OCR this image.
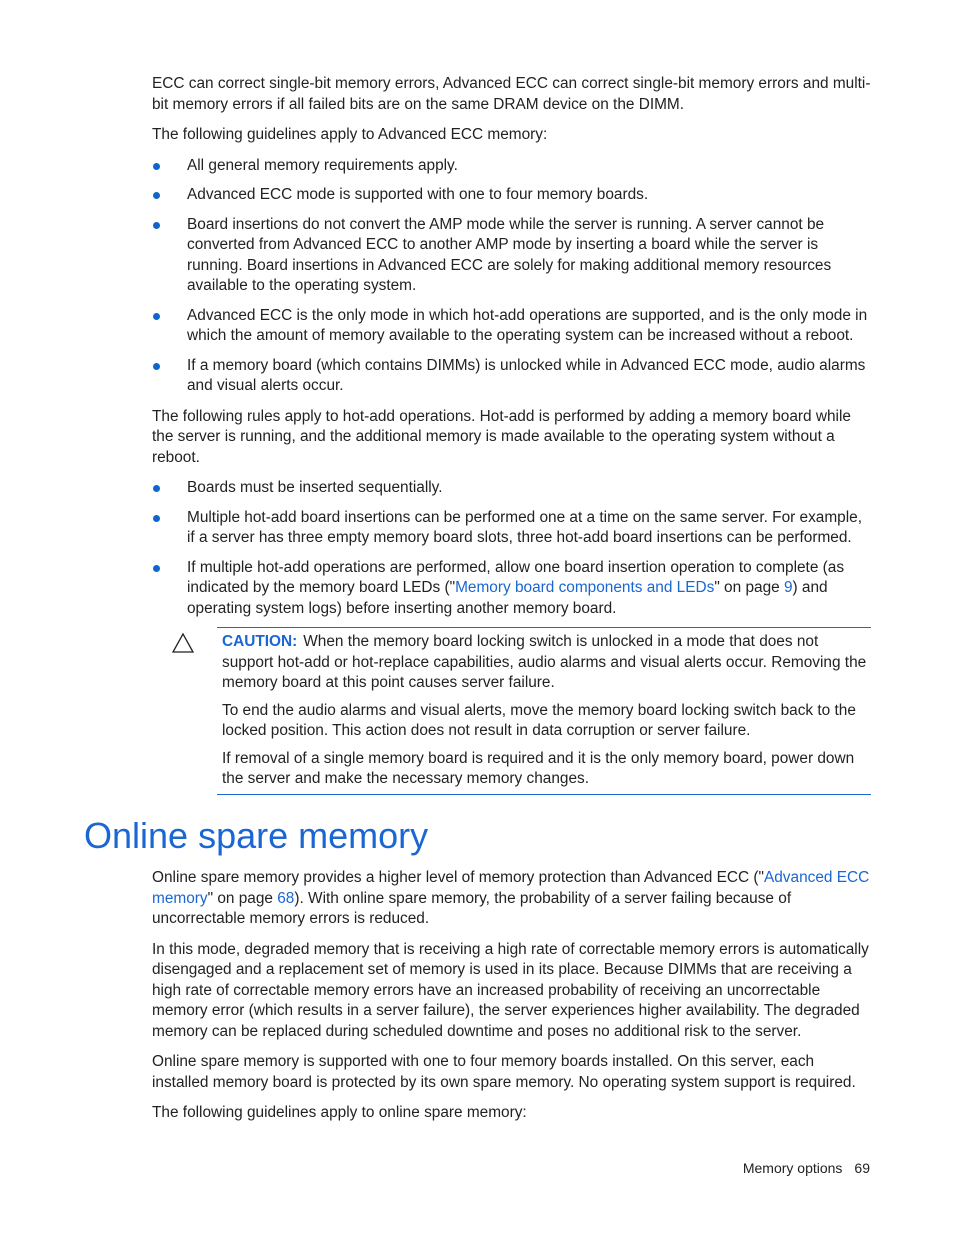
ECC can correct single-bit memory errors, Advanced ECC can correct single-bit memory errors and multi-bit memory errors if all failed bits are on the same DRAM device on the DIMM.

The following guidelines apply to Advanced ECC memory:

All general memory requirements apply.
Advanced ECC mode is supported with one to four memory boards.
Board insertions do not convert the AMP mode while the server is running. A server cannot be converted from Advanced ECC to another AMP mode by inserting a board while the server is running. Board insertions in Advanced ECC are solely for making additional memory resources available to the operating system.
Advanced ECC is the only mode in which hot-add operations are supported, and is the only mode in which the amount of memory available to the operating system can be increased without a reboot.
If a memory board (which contains DIMMs) is unlocked while in Advanced ECC mode, audio alarms and visual alerts occur.

The following rules apply to hot-add operations. Hot-add is performed by adding a memory board while the server is running, and the additional memory is made available to the operating system without a reboot.

Boards must be inserted sequentially.
Multiple hot-add board insertions can be performed one at a time on the same server. For example, if a server has three empty memory board slots, three hot-add board insertions can be performed.
If multiple hot-add operations are performed, allow one board insertion operation to complete (as indicated by the memory board LEDs ("Memory board components and LEDs" on page 9) and operating system logs) before inserting another memory board.

CAUTION: When the memory board locking switch is unlocked in a mode that does not support hot-add or hot-replace capabilities, audio alarms and visual alerts occur. Removing the memory board at this point causes server failure.

To end the audio alarms and visual alerts, move the memory board locking switch back to the locked position. This action does not result in data corruption or server failure.

If removal of a single memory board is required and it is the only memory board, power down the server and make the necessary memory changes.

Online spare memory

Online spare memory provides a higher level of memory protection than Advanced ECC ("Advanced ECC memory" on page 68). With online spare memory, the probability of a server failing because of uncorrectable memory errors is reduced.

In this mode, degraded memory that is receiving a high rate of correctable memory errors is automatically disengaged and a replacement set of memory is used in its place. Because DIMMs that are receiving a high rate of correctable memory errors have an increased probability of receiving an uncorrectable memory error (which results in a server failure), the server experiences higher availability. The degraded memory can be replaced during scheduled downtime and poses no additional risk to the server.

Online spare memory is supported with one to four memory boards installed. On this server, each installed memory board is protected by its own spare memory. No operating system support is required.

The following guidelines apply to online spare memory:

Memory options 69
